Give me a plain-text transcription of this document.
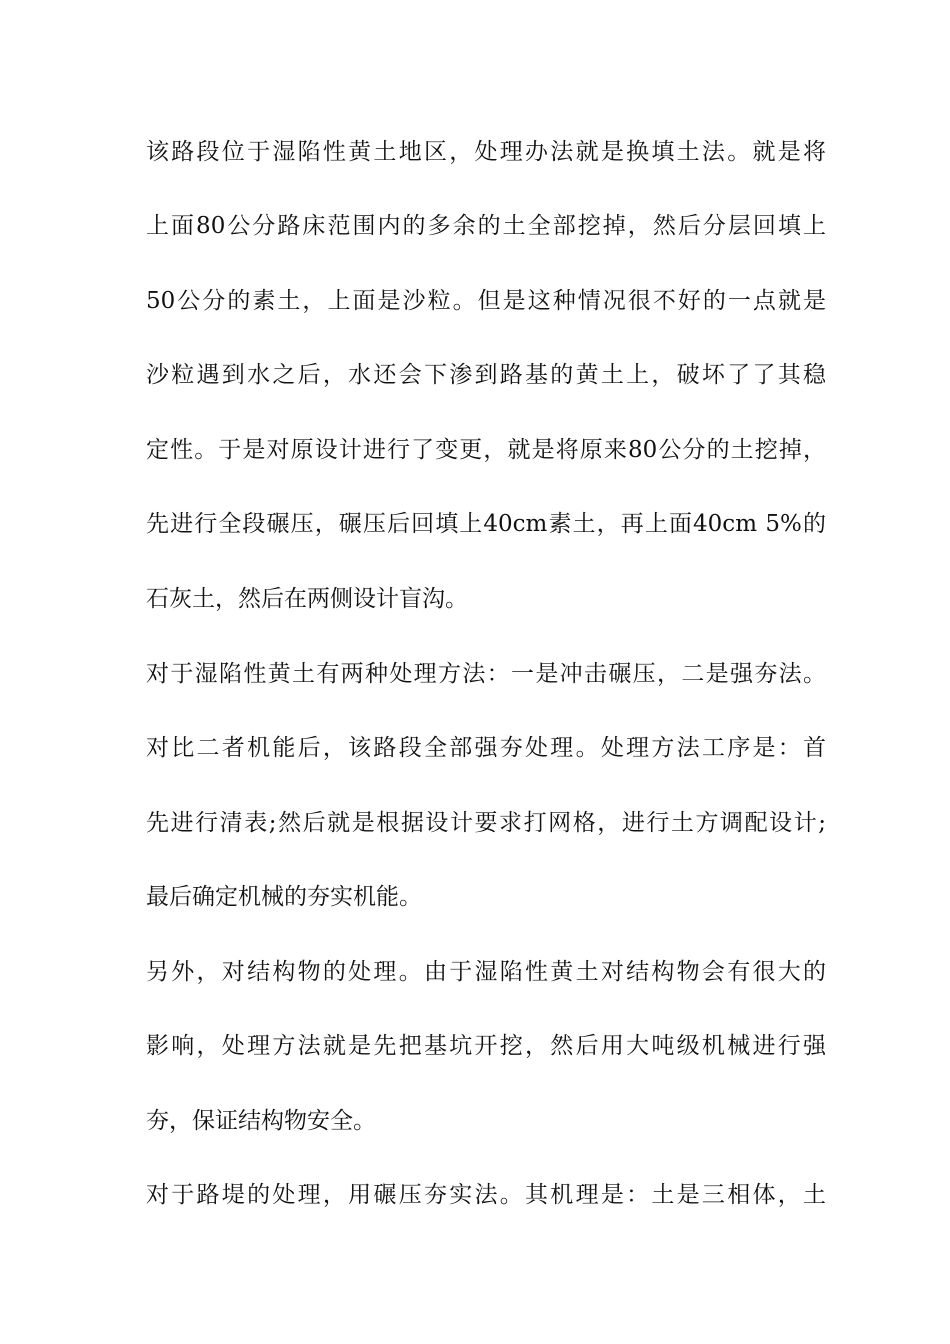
该路段位于湿陷性黄土地区，处理办法就是换填土法。就是将
上面80公分路床范围内的多余的土全部挖掉，然后分层回填上
50公分的素土，上面是沙粒。但是这种情况很不好的一点就是
沙粒遇到水之后，水还会下渗到路基的黄土上，破坏了了其稳
定性。于是对原设计进行了变更，就是将原来80公分的土挖掉，
先进行全段碾压，碾压后回填上40cm素土，再上面40cm 5%的
石灰土，然后在两侧设计盲沟。
对于湿陷性黄土有两种处理方法：一是冲击碾压，二是强夯法。
对比二者机能后，该路段全部强夯处理。处理方法工序是：首
先进行清表;然后就是根据设计要求打网格，进行土方调配设计;
最后确定机械的夯实机能。
另外，对结构物的处理。由于湿陷性黄土对结构物会有很大的
影响，处理方法就是先把基坑开挖，然后用大吨级机械进行强
夯，保证结构物安全。
对于路堤的处理，用碾压夯实法。其机理是：土是三相体，土
